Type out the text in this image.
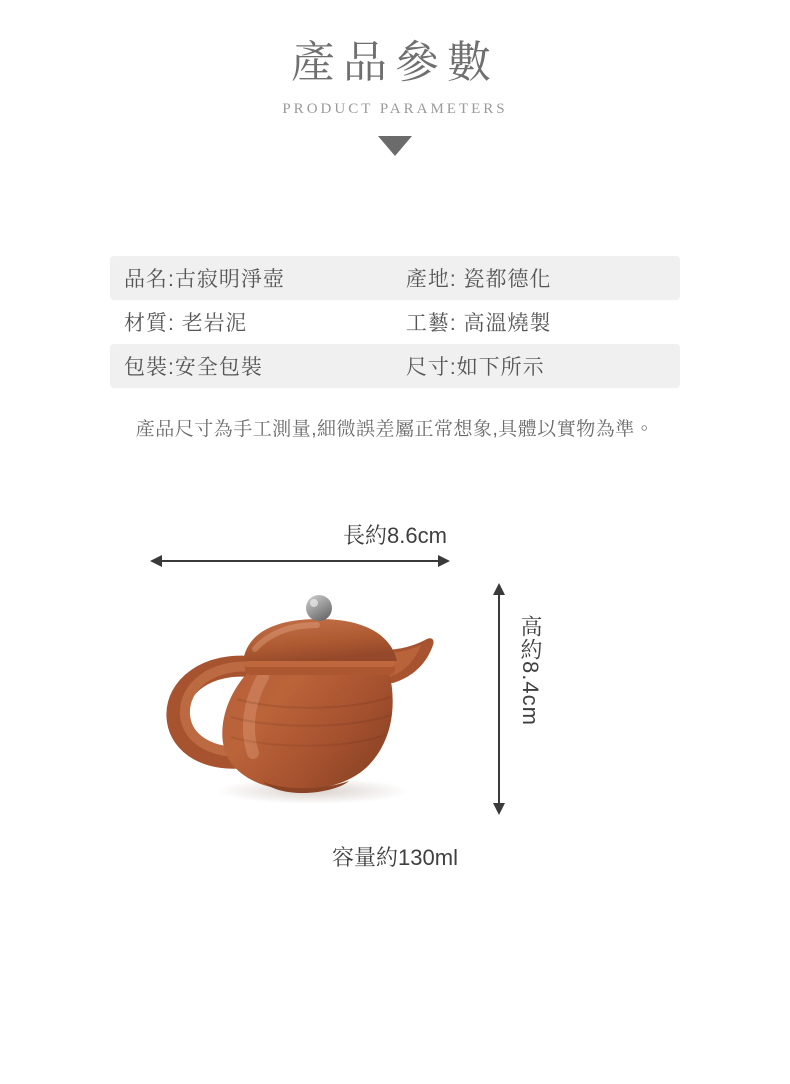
產品參數
PRODUCT PARAMETERS
品名:古寂明淨壺	產地: 瓷都德化
材質: 老岩泥	工藝: 高溫燒製
包裝:安全包裝	尺寸:如下所示
產品尺寸為手工測量,細微誤差屬正常想象,具體以實物為準。
長約8.6cm
高約8.4cm
容量約130ml
